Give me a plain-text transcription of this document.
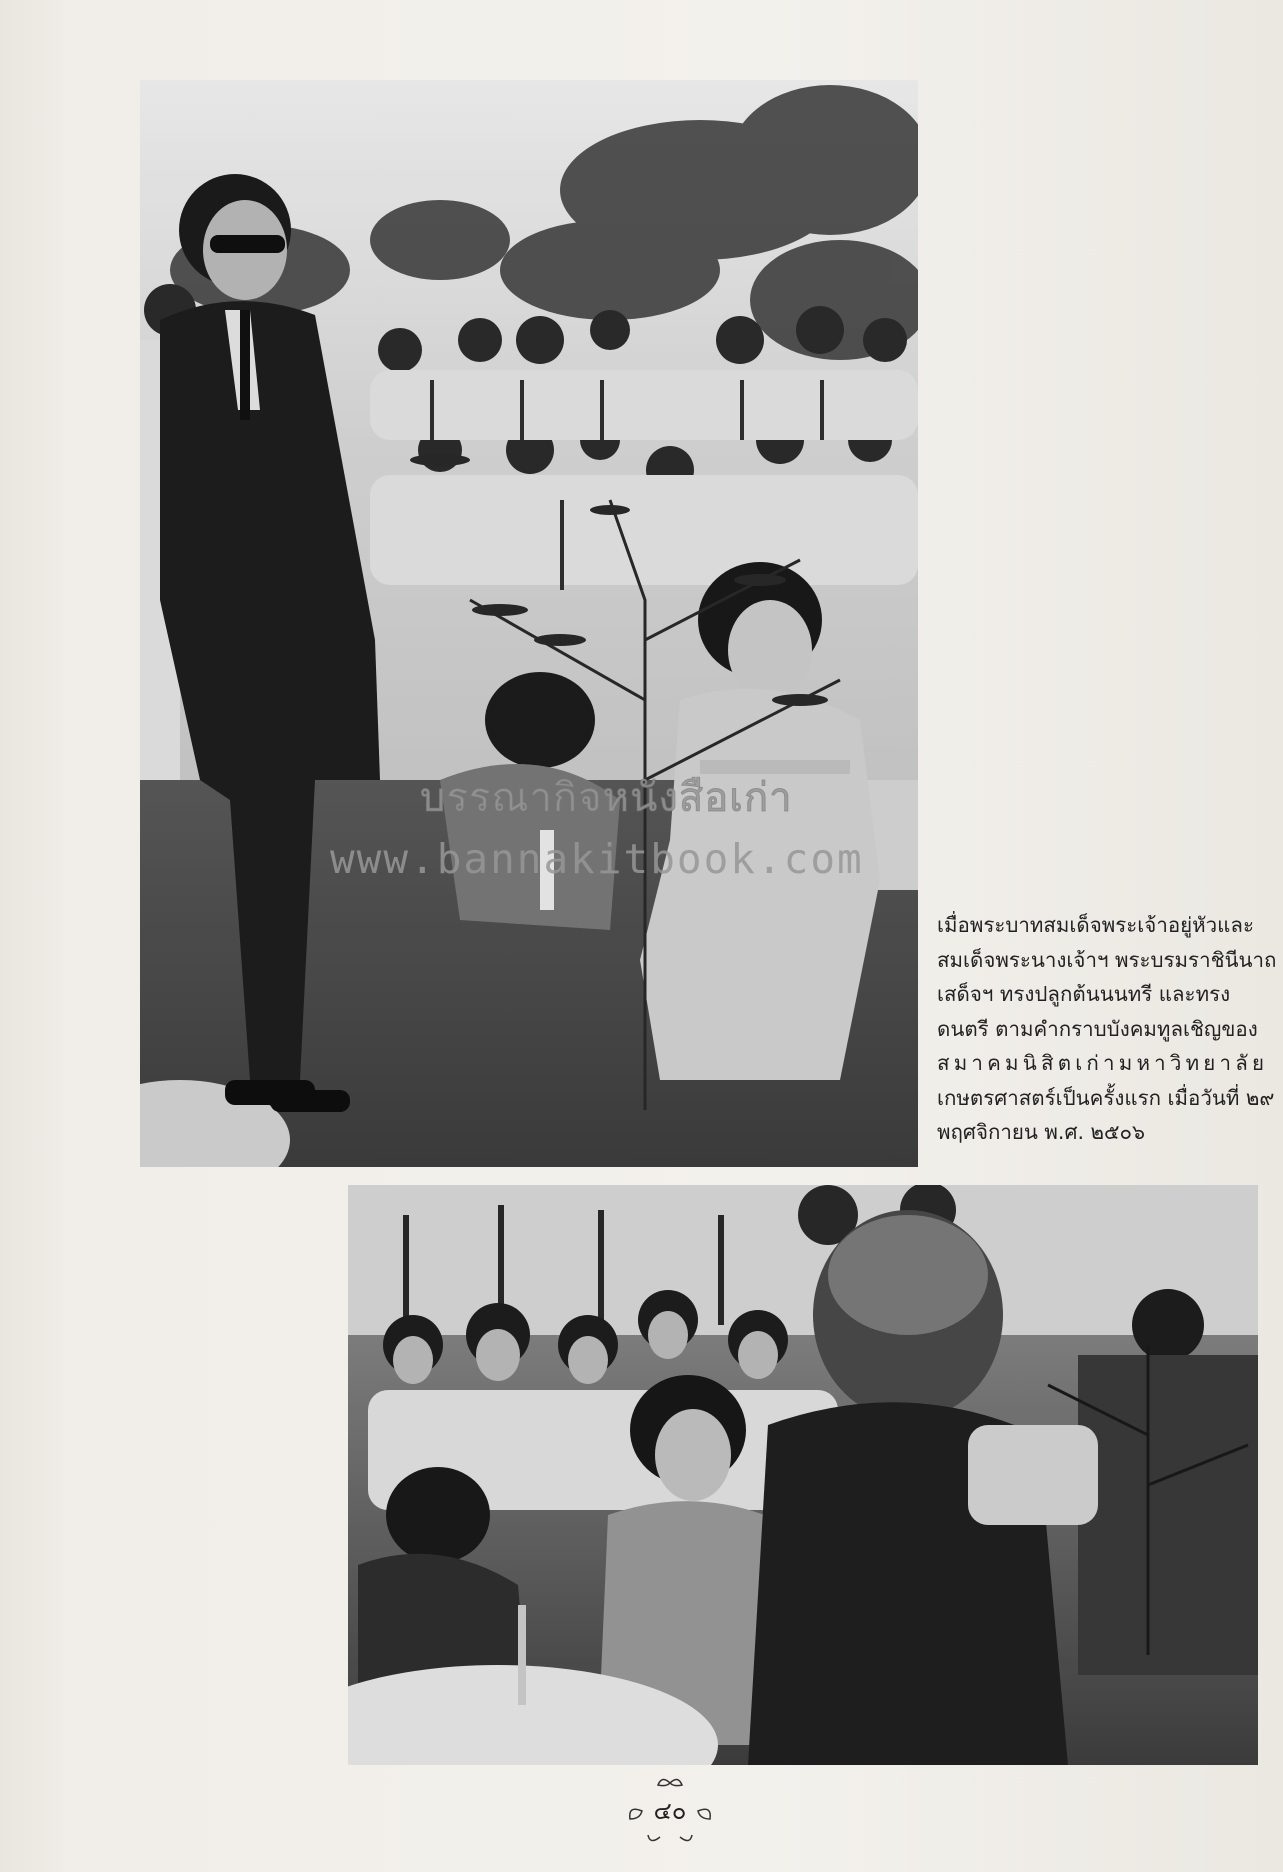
เมื่อพระบาทสมเด็จพระเจ้าอยู่หัวและ
สมเด็จพระนางเจ้าฯ พระบรมราชินีนาถ
เสด็จฯ ทรงปลูกต้นนนทรี และทรง
ดนตรี ตามคำกราบบังคมทูลเชิญของ
สมาคมนิสิตเก่ามหาวิทยาลัย
เกษตรศาสตร์เป็นครั้งแรก เมื่อวันที่ ๒๙
พฤศจิกายน พ.ศ. ๒๕๐๖
บรรณากิจหนังสือเก่า
www.bannakitbook.com
๔๐
